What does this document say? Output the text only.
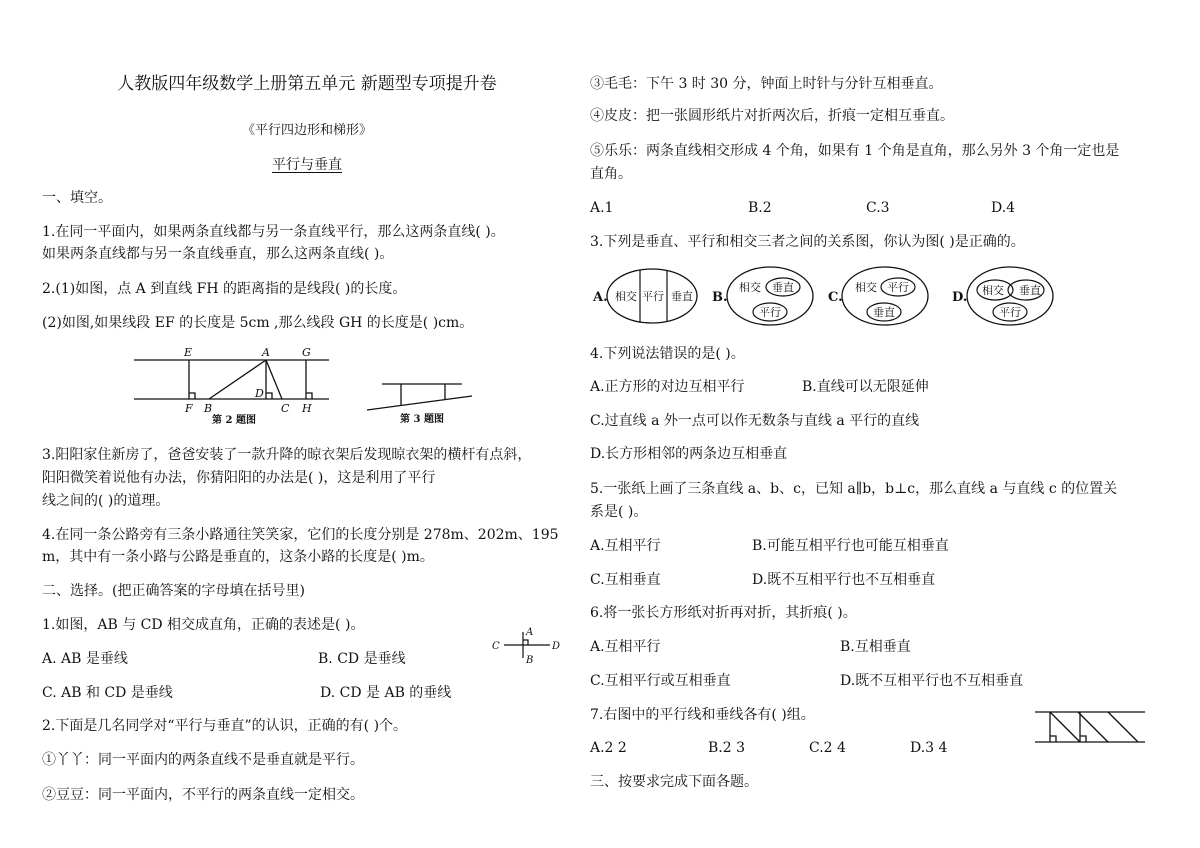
人教版四年级数学上册第五单元 新题型专项提升卷
《平行四边形和梯形》
平行与垂直
一、填空。
1.在同一平面内，如果两条直线都与另一条直线平行，那么这两条直线( )。
如果两条直线都与另一条直线垂直，那么这两条直线( )。
2.(1)如图，点 A 到直线 FH 的距离指的是线段( )的长度。
(2)如图,如果线段 EF 的长度是 5cm ,那么线段 GH 的长度是( )cm。
E	A	G
F B
D
C H
第 2 题图	第 3 题图
3.阳阳家住新房了，爸爸安装了一款升降的晾衣架后发现晾衣架的横杆有点斜，
阳阳微笑着说他有办法，你猜阳阳的办法是( )，这是利用了平行
线之间的( )的道理。
4.在同一条公路旁有三条小路通往笑笑家，它们的长度分别是 278m、202m、195
m，其中有一条小路与公路是垂直的，这条小路的长度是( )m。
二、选择。(把正确答案的字母填在括号里)
1.如图，AB 与 CD 相交成直角，正确的表述是( )。
C
A
D
B
A. AB 是垂线	B. CD 是垂线
C. AB 和 CD 是垂线	D. CD 是 AB 的垂线
2.下面是几名同学对“平行与垂直”的认识，正确的有( )个。
①丫丫：同一平面内的两条直线不是垂直就是平行。
②豆豆：同一平面内，不平行的两条直线一定相交。
③毛毛：下午 3 时 30 分，钟面上时针与分针互相垂直。
④皮皮：把一张圆形纸片对折两次后，折痕一定相互垂直。
⑤乐乐：两条直线相交形成 4 个角，如果有 1 个角是直角，那么另外 3 个角一定也是
直角。
A.1	B.2	C.3	D.4
3.下列是垂直、平行和相交三者之间的关系图，你认为图( )是正确的。
A. 相交 平行 垂直 B.
相交 垂直
平行
C.
相交 平行
垂直
D. 相交 垂直
平行
4.下列说法错误的是( )。
A.正方形的对边互相平行	B.直线可以无限延伸
C.过直线 a 外一点可以作无数条与直线 a 平行的直线
D.长方形相邻的两条边互相垂直
5.一张纸上画了三条直线 a、b、c，已知 a∥b，b⊥c，那么直线 a 与直线 c 的位置关
系是( )。
A.互相平行	B.可能互相平行也可能互相垂直
C.互相垂直	D.既不互相平行也不互相垂直
6.将一张长方形纸对折再对折，其折痕( )。
A.互相平行	B.互相垂直
C.互相平行或互相垂直	D.既不互相平行也不互相垂直
7.右图中的平行线和垂线各有( )组。
A.2 2	B.2 3	C.2 4	D.3 4
三、按要求完成下面各题。
